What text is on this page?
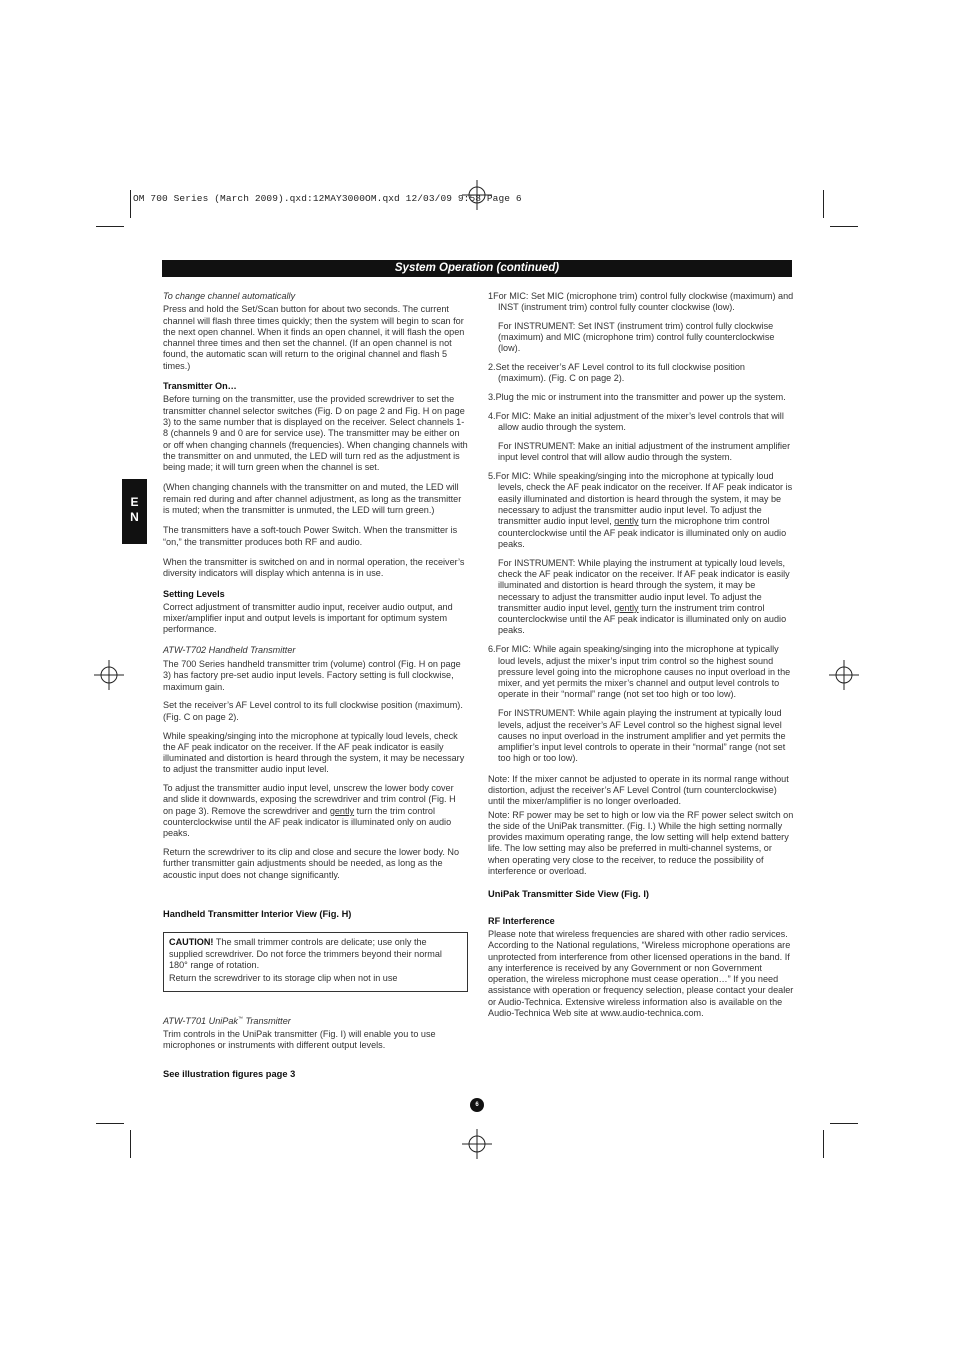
OM 700 Series (March 2009).qxd:12MAY3000OM.qxd 12/03/09 9:58 Page 6
System Operation (continued)
E
N

To change channel automatically

Press and hold the Set/Scan button for about two seconds. The current channel will flash three times quickly; then the system will begin to scan for the next open channel. When it finds an open channel, it will flash the open channel three times and then set the channel. (If an open channel is not found, the automatic scan will return to the original channel and flash 5 times.)

Transmitter On…

Before turning on the transmitter, use the provided screwdriver to set the transmitter channel selector switches (Fig. D on page 2 and Fig. H on page 3) to the same number that is displayed on the receiver. Select channels 1-8 (channels 9 and 0 are for service use). The transmitter may be either on or off when changing channels (frequencies). When changing channels with the transmitter on and unmuted, the LED will turn red as the adjustment is being made; it will turn green when the channel is set.

(When changing channels with the transmitter on and muted, the LED will remain red during and after channel adjustment, as long as the transmitter is muted; when the transmitter is unmuted, the LED will turn green.)

The transmitters have a soft-touch Power Switch. When the transmitter is “on,” the transmitter produces both RF and audio.

When the transmitter is switched on and in normal operation, the receiver’s diversity indicators will display which antenna is in use.

Setting Levels

Correct adjustment of transmitter audio input, receiver audio output, and mixer/amplifier input and output levels is important for optimum system performance.

ATW-T702 Handheld Transmitter

The 700 Series handheld transmitter trim (volume) control (Fig. H on page 3) has factory pre-set audio input levels. Factory setting is full clockwise, maximum gain.

Set the receiver’s AF Level control to its full clockwise position (maximum). (Fig. C on page 2).

While speaking/singing into the microphone at typically loud levels, check the AF peak indicator on the receiver. If the AF peak indicator is easily illuminated and distortion is heard through the system, it may be necessary to adjust the transmitter audio input level.

To adjust the transmitter audio input level, unscrew the lower body cover and slide it downwards, exposing the screwdriver and trim control (Fig. H on page 3). Remove the screwdriver and gently turn the trim control counterclockwise until the AF peak indicator is illuminated only on audio peaks.

Return the screwdriver to its clip and close and secure the lower body. No further transmitter gain adjustments should be needed, as long as the acoustic input does not change significantly.

Handheld Transmitter Interior View (Fig. H)

CAUTION! The small trimmer controls are delicate; use only the supplied screwdriver. Do not force the trimmers beyond their normal 180° range of rotation.

Return the screwdriver to its storage clip when not in use

ATW-T701 UniPak™ Transmitter

Trim controls in the UniPak transmitter (Fig. I) will enable you to use microphones or instruments with different output levels.

See illustration figures page 3

1For MIC: Set MIC (microphone trim) control fully clockwise (maximum) and INST (instrument trim) control fully counter clockwise (low).

For INSTRUMENT: Set INST (instrument trim) control fully clockwise (maximum) and MIC (microphone trim) control fully counterclockwise (low).

2.Set the receiver’s AF Level control to its full clockwise position (maximum). (Fig. C on page 2).

3.Plug the mic or instrument into the transmitter and power up the system.

4.For MIC: Make an initial adjustment of the mixer’s level controls that will allow audio through the system.

For INSTRUMENT: Make an initial adjustment of the instrument amplifier input level control that will allow audio through the system.

5.For MIC: While speaking/singing into the microphone at typically loud levels, check the AF peak indicator on the receiver. If AF peak indicator is easily illuminated and distortion is heard through the system, it may be necessary to adjust the transmitter audio input level. To adjust the transmitter audio input level, gently turn the microphone trim control counterclockwise until the AF peak indicator is illuminated only on audio peaks.

For INSTRUMENT: While playing the instrument at typically loud levels, check the AF peak indicator on the receiver. If AF peak indicator is easily illuminated and distortion is heard through the system, it may be necessary to adjust the transmitter audio input level. To adjust the transmitter audio input level, gently turn the instrument trim control counterclockwise until the AF peak indicator is illuminated only on audio peaks.

6.For MIC: While again speaking/singing into the microphone at typically loud levels, adjust the mixer’s input trim control so the highest sound pressure level going into the microphone causes no input overload in the mixer, and yet permits the mixer’s channel and output level controls to operate in their “normal” range (not set too high or too low).

For INSTRUMENT: While again playing the instrument at typically loud levels, adjust the receiver’s AF Level control so the highest signal level causes no input overload in the instrument amplifier and yet permits the amplifier’s input level controls to operate in their “normal” range (not set too high or too low).

Note: If the mixer cannot be adjusted to operate in its normal range without distortion, adjust the receiver’s AF Level Control (turn counterclockwise) until the mixer/amplifier is no longer overloaded.

Note: RF power may be set to high or low via the RF power select switch on the side of the UniPak transmitter. (Fig. I.) While the high setting normally provides maximum operating range, the low setting will help extend battery life. The low setting may also be preferred in multi-channel systems, or when operating very close to the receiver, to reduce the possibility of interference or overload.

UniPak Transmitter Side View (Fig. I)

RF Interference

Please note that wireless frequencies are shared with other radio services. According to the National regulations, “Wireless microphone operations are unprotected from interference from other licensed operations in the band. If any interference is received by any Government or non Government operation, the wireless microphone must cease operation…” If you need assistance with operation or frequency selection, please contact your dealer or Audio-Technica. Extensive wireless information also is available on the Audio-Technica Web site at www.audio-technica.com.

6
